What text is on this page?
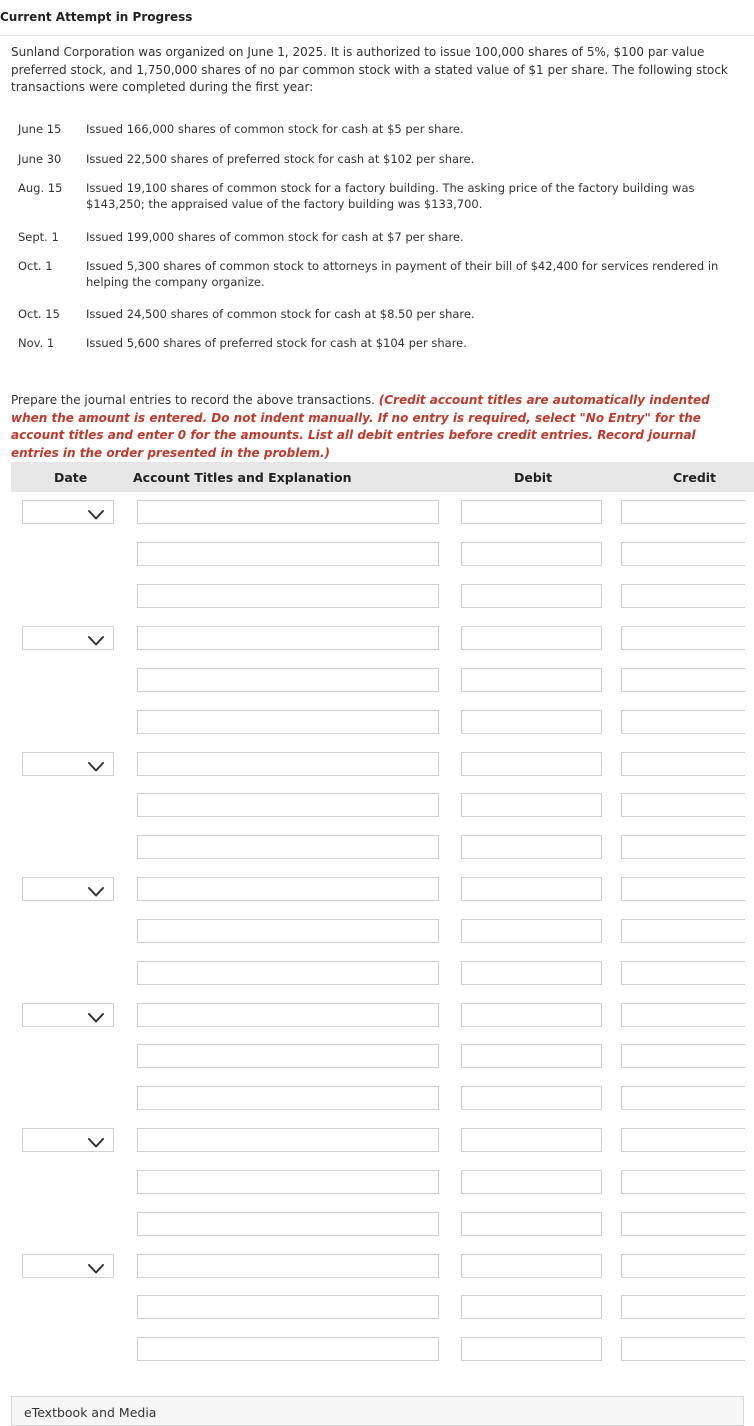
Current Attempt in Progress
Sunland Corporation was organized on June 1, 2025. It is authorized to issue 100,000 shares of 5%, $100 par value preferred stock, and 1,750,000 shares of no par common stock with a stated value of $1 per share. The following stock transactions were completed during the first year:
June 15	Issued 166,000 shares of common stock for cash at $5 per share.
June 30	Issued 22,500 shares of preferred stock for cash at $102 per share.
Aug. 15	Issued 19,100 shares of common stock for a factory building. The asking price of the factory building was $143,250; the appraised value of the factory building was $133,700.
Sept. 1	Issued 199,000 shares of common stock for cash at $7 per share.
Oct. 1	Issued 5,300 shares of common stock to attorneys in payment of their bill of $42,400 for services rendered in helping the company organize.
Oct. 15	Issued 24,500 shares of common stock for cash at $8.50 per share.
Nov. 1	Issued 5,600 shares of preferred stock for cash at $104 per share.
Prepare the journal entries to record the above transactions. (Credit account titles are automatically indented when the amount is entered. Do not indent manually. If no entry is required, select "No Entry" for the account titles and enter 0 for the amounts. List all debit entries before credit entries. Record journal entries in the order presented in the problem.)
Date	Account Titles and Explanation	Debit	Credit
eTextbook and Media
